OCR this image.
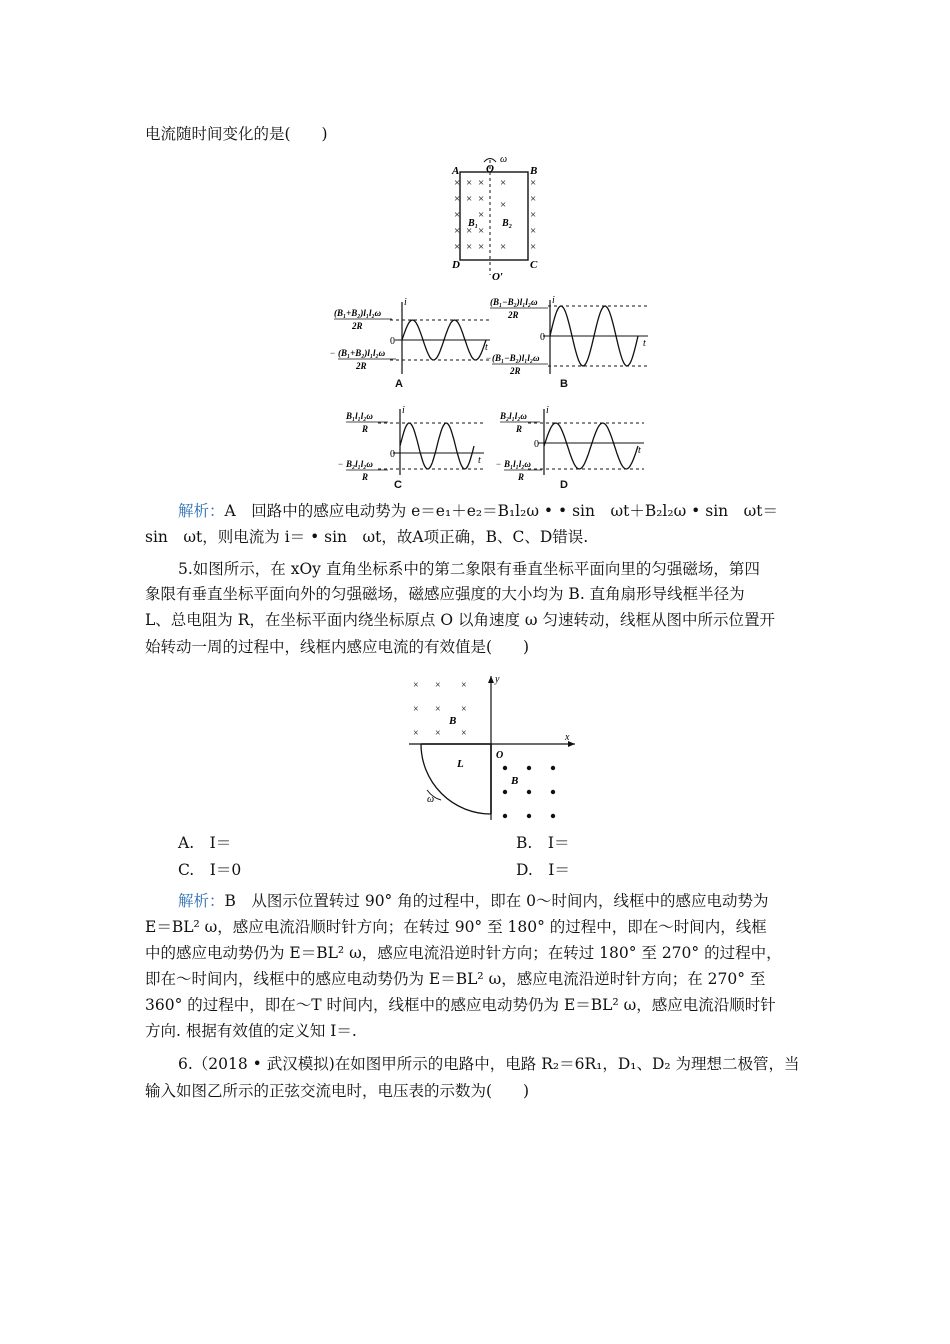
电流随时间变化的是(　　)
ω
A O	B
D	C
O′
B₁ B₂
×
×
×
×
×
× ×
× ×
×
× ×
× ×
×
×
×
×
×
×
×
×
i
t
0
(B₁+B₂)l₁l₂ω
2R
− (B₁+B₂)l₁l₂ω
2R
A
i
t
0
(B₁−B₂)l₁l₂ω
2R
− (B₁−B₂)l₁l₂ω
2R
B
i
t
0
B₁l₁l₂ω
R
− B₂l₁l₂ω
R
C
i
t
0
B₂l₁l₂ω
R
− B₁l₁l₂ω
R
D
解析：A　回路中的感应电动势为 e＝e₁＋e₂＝B₁l₂ω • • sin　ωt＋B₂l₂ω • sin　ωt＝
sin　ωt，则电流为 i＝ • sin　ωt，故A项正确，B、C、D错误.
5.如图所示，在 xOy 直角坐标系中的第二象限有垂直坐标平面向里的匀强磁场，第四
象限有垂直坐标平面向外的匀强磁场，磁感应强度的大小均为 B. 直角扇形导线框半径为
L、总电阻为 R，在坐标平面内绕坐标原点 O 以角速度 ω 匀速转动，线框从图中所示位置开
始转动一周的过程中，线框内感应电流的有效值是(　　)
y
x
O
B
B
L
ω
× × ×
× × ×
× × ×
A.　I＝	B.　I＝
C.　I＝0	D.　I＝
解析：B　从图示位置转过 90° 角的过程中，即在 0～时间内，线框中的感应电动势为
E＝BL² ω，感应电流沿顺时针方向；在转过 90° 至 180° 的过程中，即在～时间内，线框
中的感应电动势仍为 E＝BL² ω，感应电流沿逆时针方向；在转过 180° 至 270° 的过程中，
即在～时间内，线框中的感应电动势仍为 E＝BL² ω，感应电流沿逆时针方向；在 270° 至
360° 的过程中，即在～T 时间内，线框中的感应电动势仍为 E＝BL² ω，感应电流沿顺时针
方向. 根据有效值的定义知 I＝.
6.（2018 • 武汉模拟)在如图甲所示的电路中，电路 R₂＝6R₁，D₁、D₂ 为理想二极管，当
输入如图乙所示的正弦交流电时，电压表的示数为(　　)
